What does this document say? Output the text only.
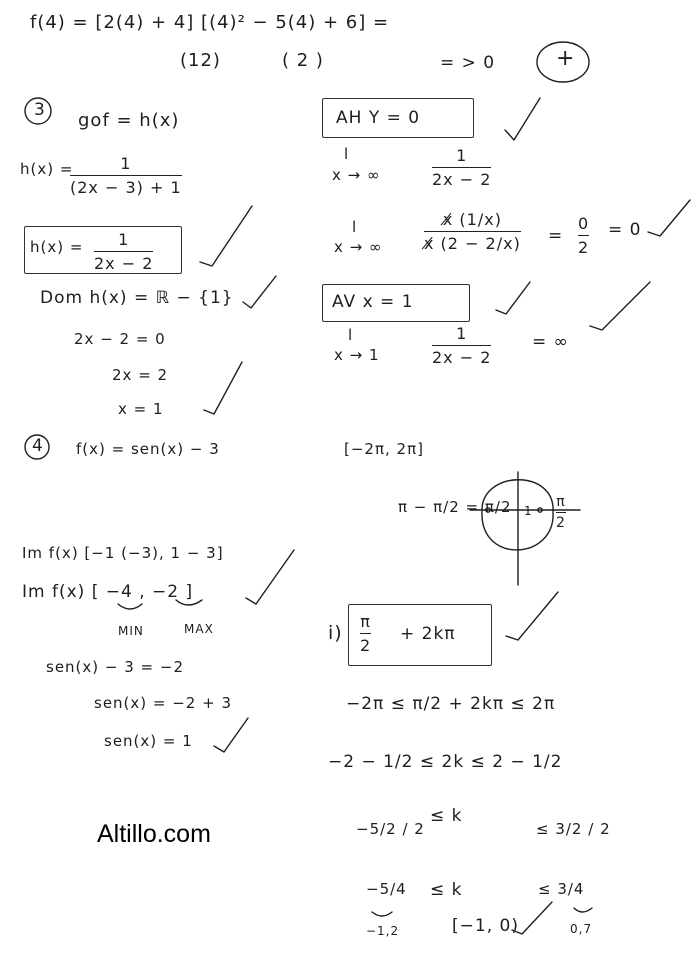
f(4) = [2(4) + 4] [(4)² − 5(4) + 6] =
(12)	( 2 )	= > 0	+
3 gof = h(x)
h(x) =	1
(2x − 3) + 1
h(x) = 1
2x − 2
Dom h(x) = ℝ − {1}
2x − 2 = 0
2x = 2
x = 1
AH Y = 0
l
x → ∞
1
2x − 2
l
x → ∞
x̸ (1/x)
x̸ (2 − 2/x) =
0
2
= 0
AV x = 1
l
x → 1
1
2x − 2
= ∞
4 f(x) = sen(x) − 3	[−2π, 2π]
π − π/2 = π/2	π
2
1
Im f(x) [−1 (−3), 1 − 3]
Im f(x) [ −4 , −2 ]
MIN	MAX
sen(x) − 3 = −2
sen(x) = −2 + 3
sen(x) = 1
i)
π
2
+ 2kπ
−2π ≤ π/2 + 2kπ ≤ 2π
−2 − 1/2 ≤ 2k ≤ 2 − 1/2
−5/2 / 2
≤ k
≤ 3/2 / 2
−5/4 ≤ k	≤ 3/4
−1,2	[−1, 0)	0,7
Altillo.com
